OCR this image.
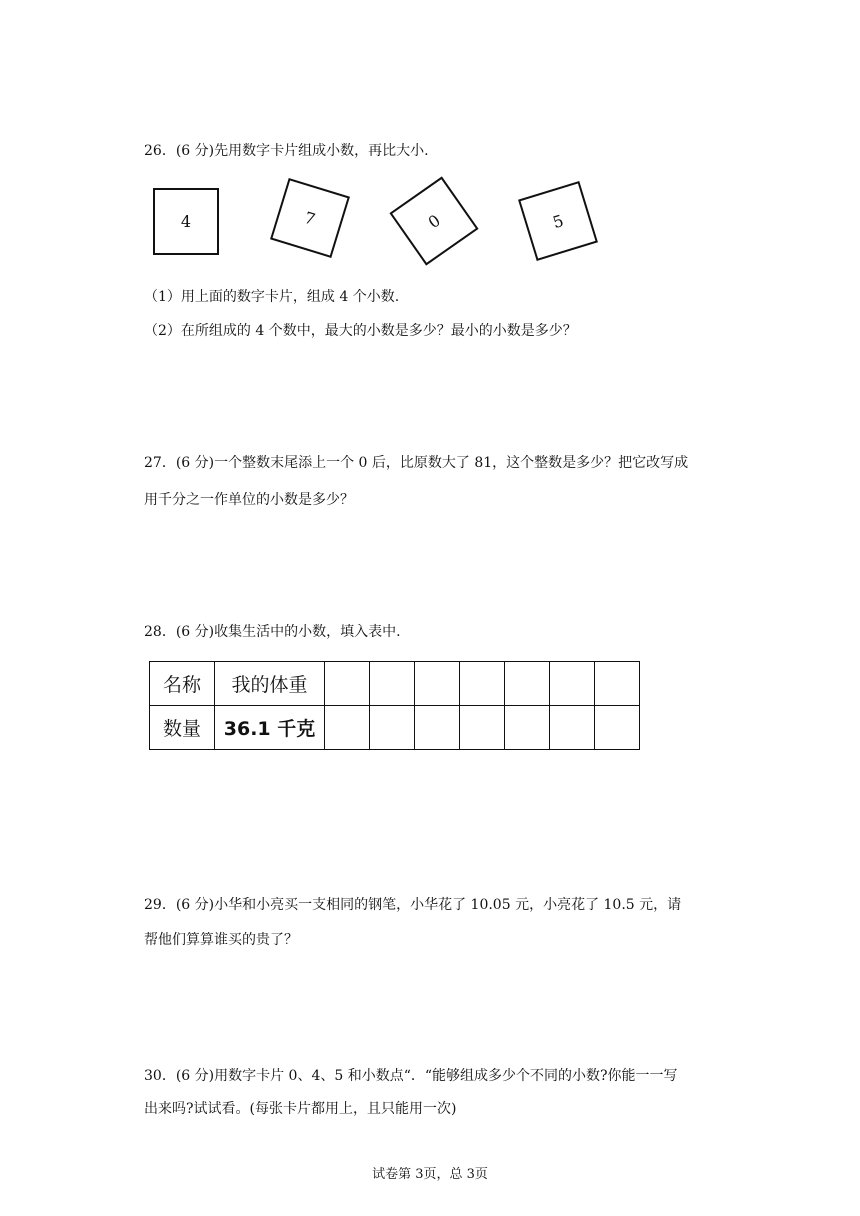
26．(6 分)先用数字卡片组成小数，再比大小.
4	7	0	5
（1）用上面的数字卡片，组成 4 个小数.
（2）在所组成的 4 个数中，最大的小数是多少？最小的小数是多少？
27．(6 分)一个整数末尾添上一个 0 后，比原数大了 81，这个整数是多少？把它改写成
用千分之一作单位的小数是多少？
28．(6 分)收集生活中的小数，填入表中.
名称	我的体重							
数量	36.1 千克							
29．(6 分)小华和小亮买一支相同的钢笔，小华花了 10.05 元，小亮花了 10.5 元，请
帮他们算算谁买的贵了？
30．(6 分)用数字卡片 0、4、5 和小数点“．“能够组成多少个不同的小数?你能一一写
出来吗?试试看。(每张卡片都用上，且只能用一次)
试卷第 3页，总 3页
